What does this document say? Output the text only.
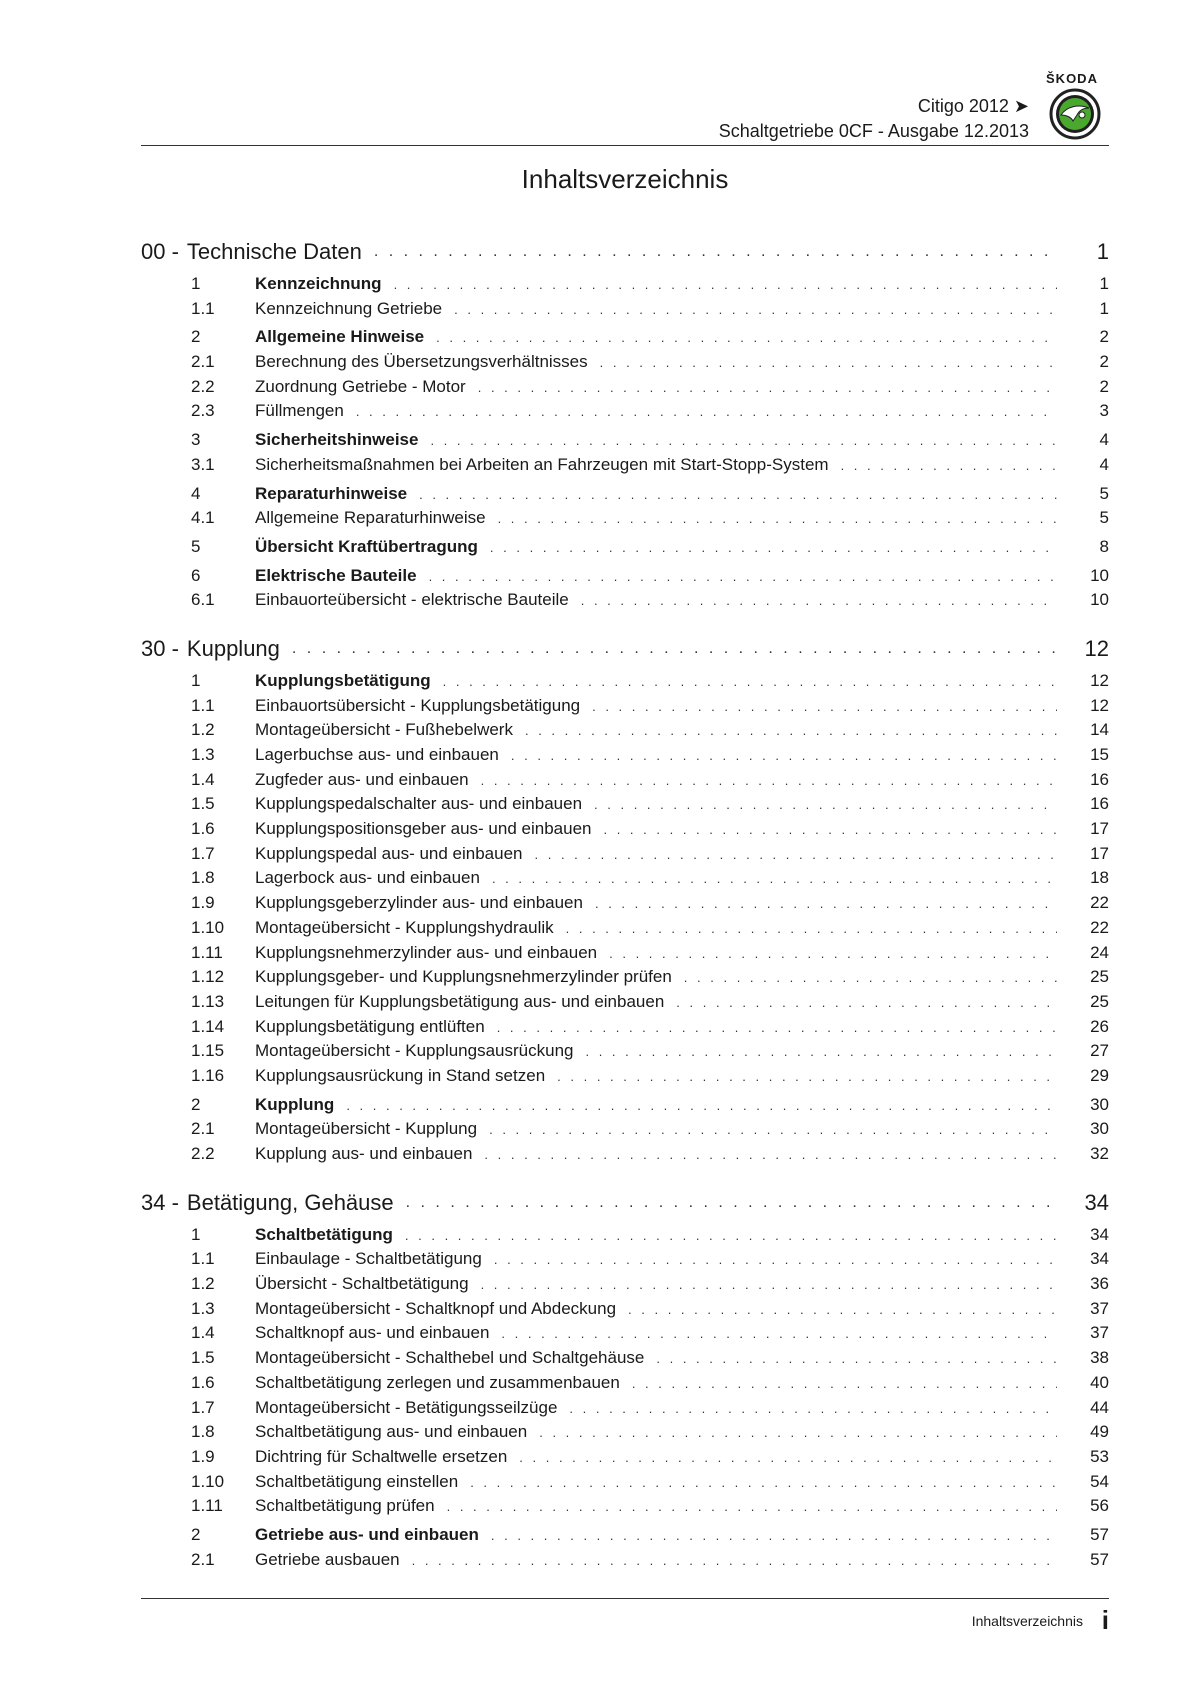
ŠKODA
Citigo 2012 ➤
Schaltgetriebe 0CF - Ausgabe 12.2013
Inhaltsverzeichnis
00 - Technische Daten . . .	1
1	Kennzeichnung . . .	1
1.1	Kennzeichnung Getriebe . . .	1
2	Allgemeine Hinweise . . .	2
2.1	Berechnung des Übersetzungsverhältnisses . . .	2
2.2	Zuordnung Getriebe - Motor . . .	2
2.3	Füllmengen . . .	3
3	Sicherheitshinweise . . .	4
3.1	Sicherheitsmaßnahmen bei Arbeiten an Fahrzeugen mit Start-Stopp-System . . .	4
4	Reparaturhinweise . . .	5
4.1	Allgemeine Reparaturhinweise . . .	5
5	Übersicht Kraftübertragung . . .	8
6	Elektrische Bauteile . . .	10
6.1	Einbauorteübersicht - elektrische Bauteile . . .	10
30 - Kupplung . . .	12
1	Kupplungsbetätigung . . .	12
1.1	Einbauortsübersicht - Kupplungsbetätigung . . .	12
1.2	Montageübersicht - Fußhebelwerk . . .	14
1.3	Lagerbuchse aus- und einbauen . . .	15
1.4	Zugfeder aus- und einbauen . . .	16
1.5	Kupplungspedalschalter aus- und einbauen . . .	16
1.6	Kupplungspositionsgeber aus- und einbauen . . .	17
1.7	Kupplungspedal aus- und einbauen . . .	17
1.8	Lagerbock aus- und einbauen . . .	18
1.9	Kupplungsgeberzylinder aus- und einbauen . . .	22
1.10	Montageübersicht - Kupplungshydraulik . . .	22
1.11	Kupplungsnehmerzylinder aus- und einbauen . . .	24
1.12	Kupplungsgeber- und Kupplungsnehmerzylinder prüfen . . .	25
1.13	Leitungen für Kupplungsbetätigung aus- und einbauen . . .	25
1.14	Kupplungsbetätigung entlüften . . .	26
1.15	Montageübersicht - Kupplungsausrückung . . .	27
1.16	Kupplungsausrückung in Stand setzen . . .	29
2	Kupplung . . .	30
2.1	Montageübersicht - Kupplung . . .	30
2.2	Kupplung aus- und einbauen . . .	32
34 - Betätigung, Gehäuse . . .	34
1	Schaltbetätigung . . .	34
1.1	Einbaulage - Schaltbetätigung . . .	34
1.2	Übersicht - Schaltbetätigung . . .	36
1.3	Montageübersicht - Schaltknopf und Abdeckung . . .	37
1.4	Schaltknopf aus- und einbauen . . .	37
1.5	Montageübersicht - Schalthebel und Schaltgehäuse . . .	38
1.6	Schaltbetätigung zerlegen und zusammenbauen . . .	40
1.7	Montageübersicht - Betätigungsseilzüge . . .	44
1.8	Schaltbetätigung aus- und einbauen . . .	49
1.9	Dichtring für Schaltwelle ersetzen . . .	53
1.10	Schaltbetätigung einstellen . . .	54
1.11	Schaltbetätigung prüfen . . .	56
2	Getriebe aus- und einbauen . . .	57
2.1	Getriebe ausbauen . . .	57
Inhaltsverzeichnis i
